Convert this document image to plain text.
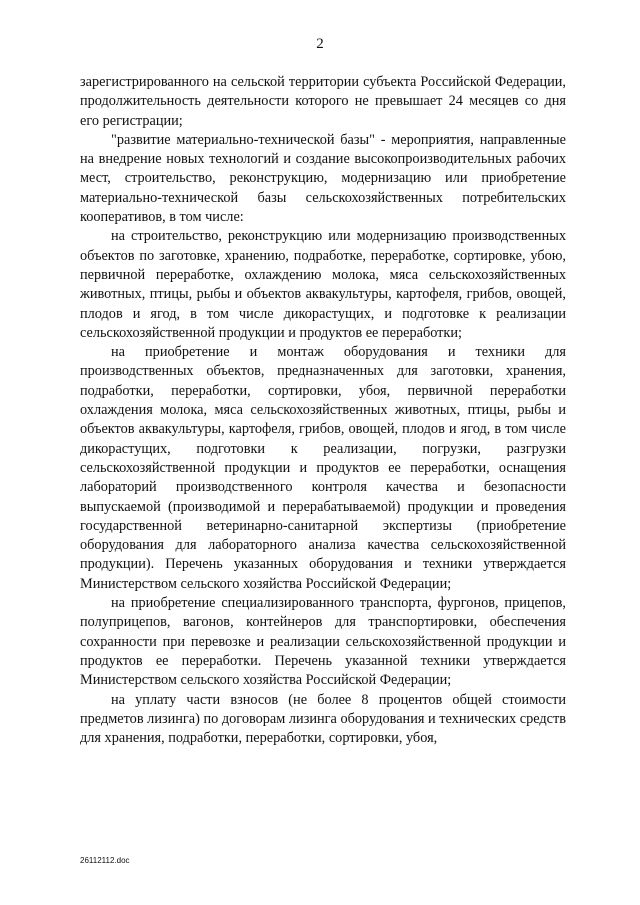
2

зарегистрированного на сельской территории субъекта Российской Федерации, продолжительность деятельности которого не превышает 24 месяцев со дня его регистрации;

"развитие материально-технической базы" - мероприятия, направленные на внедрение новых технологий и создание высокопроизводительных рабочих мест, строительство, реконструкцию, модернизацию или приобретение материально-технической базы сельскохозяйственных потребительских кооперативов, в том числе:

на строительство, реконструкцию или модернизацию производственных объектов по заготовке, хранению, подработке, переработке, сортировке, убою, первичной переработке, охлаждению молока, мяса сельскохозяйственных животных, птицы, рыбы и объектов аквакультуры, картофеля, грибов, овощей, плодов и ягод, в том числе дикорастущих, и подготовке к реализации сельскохозяйственной продукции и продуктов ее переработки;

на приобретение и монтаж оборудования и техники для производственных объектов, предназначенных для заготовки, хранения, подработки, переработки, сортировки, убоя, первичной переработки охлаждения молока, мяса сельскохозяйственных животных, птицы, рыбы и объектов аквакультуры, картофеля, грибов, овощей, плодов и ягод, в том числе дикорастущих, подготовки к реализации, погрузки, разгрузки сельскохозяйственной продукции и продуктов ее переработки, оснащения лабораторий производственного контроля качества и безопасности выпускаемой (производимой и перерабатываемой) продукции и проведения государственной ветеринарно-санитарной экспертизы (приобретение оборудования для лабораторного анализа качества сельскохозяйственной продукции). Перечень указанных оборудования и техники утверждается Министерством сельского хозяйства Российской Федерации;

на приобретение специализированного транспорта, фургонов, прицепов, полуприцепов, вагонов, контейнеров для транспортировки, обеспечения сохранности при перевозке и реализации сельскохозяйственной продукции и продуктов ее переработки. Перечень указанной техники утверждается Министерством сельского хозяйства Российской Федерации;

на уплату части взносов (не более 8 процентов общей стоимости предметов лизинга) по договорам лизинга оборудования и технических средств для хранения, подработки, переработки, сортировки, убоя,

26112112.doc
